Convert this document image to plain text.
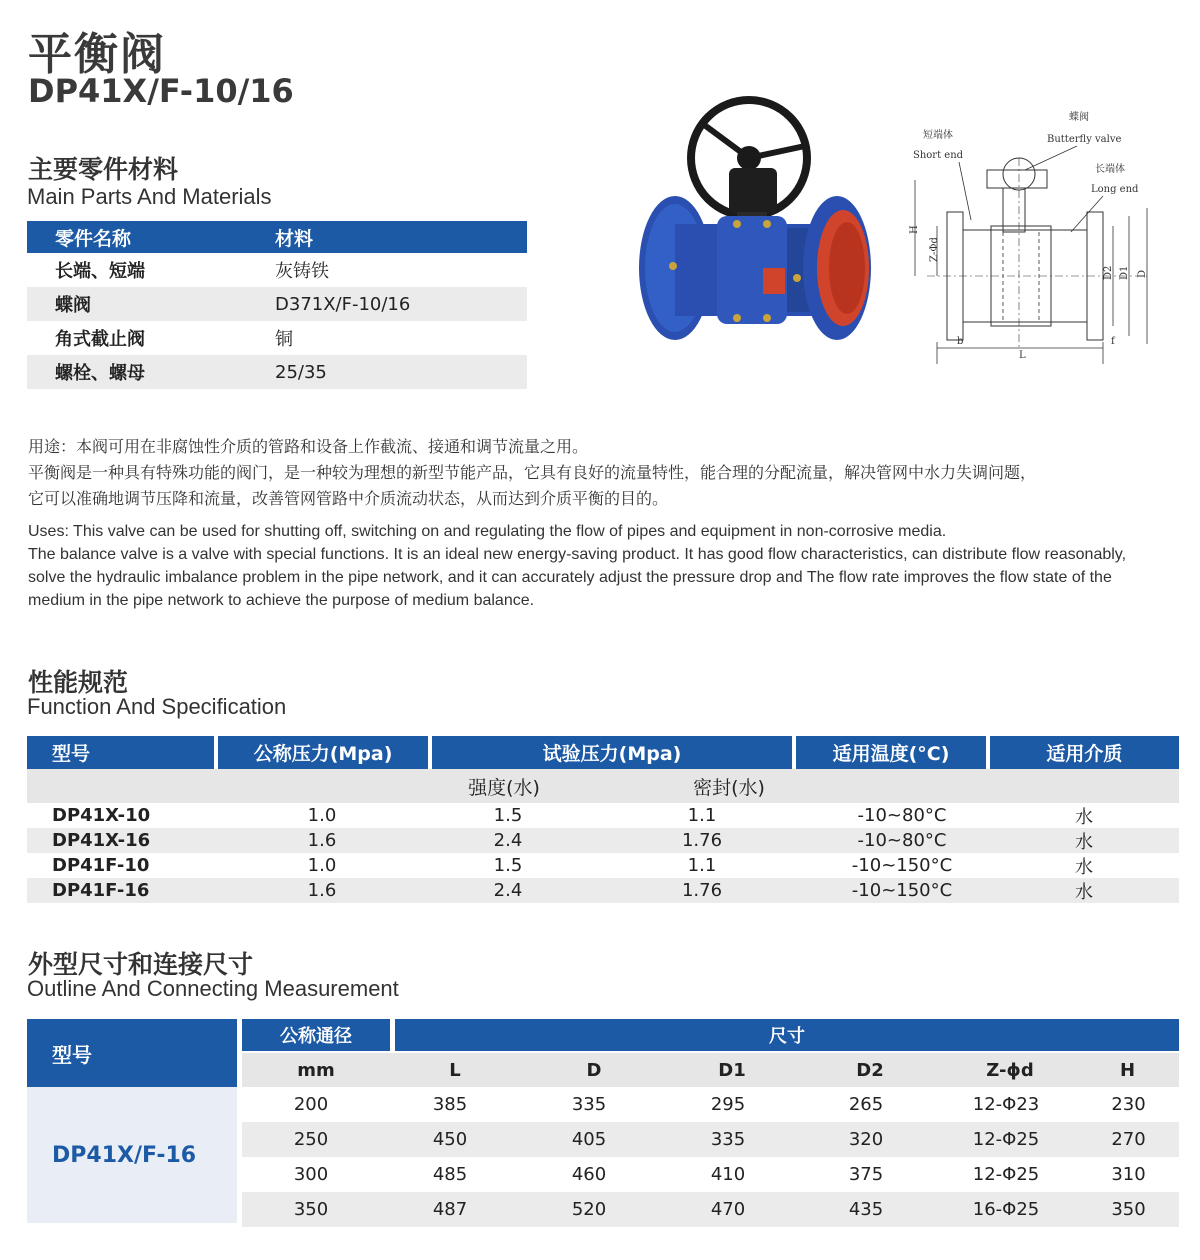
平衡阀
DP41X/F-10/16
主要零件材料
Main Parts And Materials
零件名称	材料
长端、短端	灰铸铁
蝶阀	D371X/F-10/16
角式截止阀	铜
螺栓、螺母	25/35
蝶阀
Butterfly valve
短端体
Short end
长端体
Long end
H
Z-Φd
D2 D1 D
b
L
f
用途：本阀可用在非腐蚀性介质的管路和设备上作截流、接通和调节流量之用。
平衡阀是一种具有特殊功能的阀门，是一种较为理想的新型节能产品，它具有良好的流量特性，能合理的分配流量，解决管网中水力失调问题，
它可以准确地调节压降和流量，改善管网管路中介质流动状态，从而达到介质平衡的目的。
Uses: This valve can be used for shutting off, switching on and regulating the flow of pipes and equipment in non-corrosive media.
The balance valve is a valve with special functions. It is an ideal new energy-saving product. It has good flow characteristics, can distribute flow reasonably,
solve the hydraulic imbalance problem in the pipe network, and it can accurately adjust the pressure drop and The flow rate improves the flow state of the
medium in the pipe network to achieve the purpose of medium balance.
性能规范
Function And Specification
型号	公称压力(Mpa)	试验压力(Mpa)	适用温度(°C)	适用介质
强度(水)	密封(水)
DP41X-10	1.0	1.5	1.1	-10~80°C	水
DP41X-16	1.6	2.4	1.76	-10~80°C	水
DP41F-10	1.0	1.5	1.1	-10~150°C	水
DP41F-16	1.6	2.4	1.76	-10~150°C	水
外型尺寸和连接尺寸
Outline And Connecting Measurement
型号
公称通径	尺寸
mm	L	D	D1	D2	Z-ϕd	H
DP41X/F-16
200	385	335	295	265	12-Φ23	230
250	450	405	335	320	12-Φ25	270
300	485	460	410	375	12-Φ25	310
350	487	520	470	435	16-Φ25	350
